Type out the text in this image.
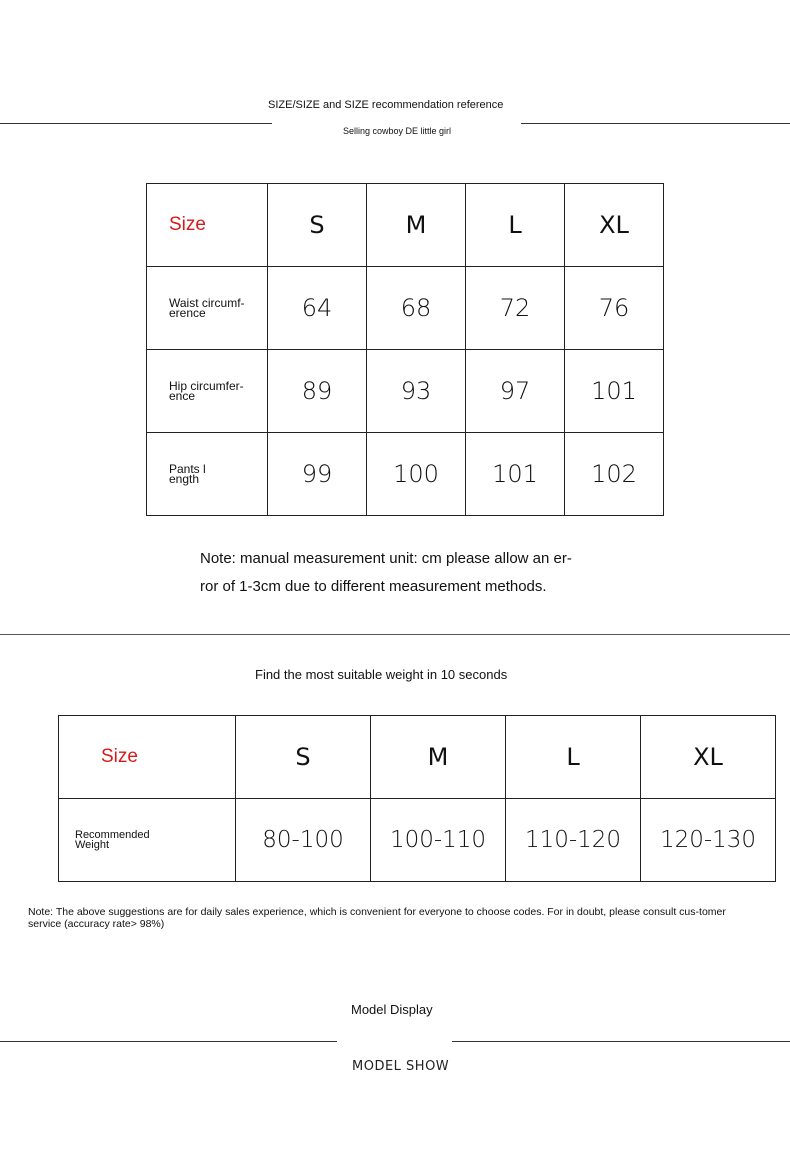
SIZE/SIZE and SIZE recommendation reference
Selling cowboy DE little girl
Size	S	M	L	XL

Waist circumf-erence	64	68	72	76

Hip circumfer-ence	89	93	97	101

Pants length	99	100	101	102
Note: manual measurement unit: cm please allow an er-ror of 1-3cm due to different measurement methods.
Find the most suitable weight in 10 seconds
Size	S	M	L	XL

Recommended Weight	80-100	100-110	110-120	120-130
Note: The above suggestions are for daily sales experience, which is convenient for everyone to choose codes. For in doubt, please consult cus-tomer service (accuracy rate> 98%)
Model Display
MODEL SHOW
